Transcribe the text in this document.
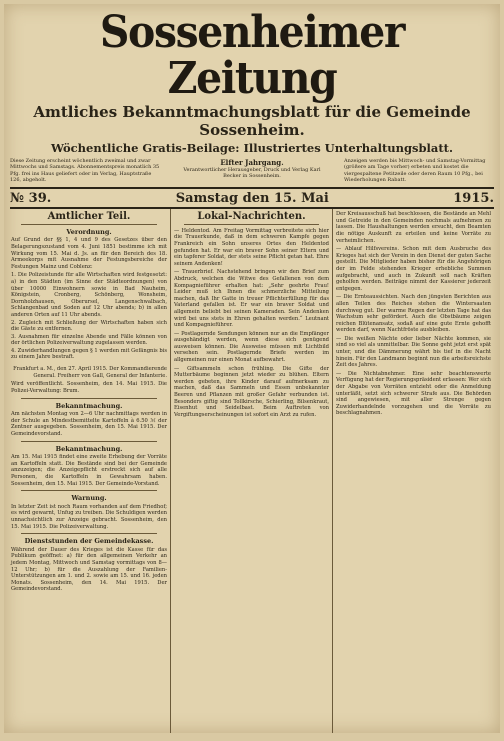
Sossenheimer Zeitung
Amtliches Bekanntmachungsblatt für die Gemeinde Sossenheim.
Wöchentliche Gratis-Beilage: Illustriertes Unterhaltungsblatt.
Diese Zeitung erscheint wöchentlich zweimal und zwar Mittwochs und Samstags. Abonnementspreis monatlich 35 Pfg. frei ins Haus geliefert oder im Verlag, Hauptstraße 126, abgeholt.
Elfter Jahrgang.
Verantwortlicher Herausgeber, Druck und Verlag Karl Becker in Sossenheim.
Anzeigen werden bis Mittwoch- und Samstag-Vormittag (größere am Tage vorher) erbeten und kostet die viergespaltene Petitzeile oder deren Raum 10 Pfg., bei Wiederholungen Rabatt.
№ 39.	Samstag den 15. Mai	1915.
Amtlicher Teil.
Verordnung.

Auf Grund der §§ 1, 4 und 9 des Gesetzes über den Belagerungszustand vom 4. Juni 1851 bestimme ich mit Wirkung vom 15. Mai d. Js. an für den Bereich des 18. Armeekorps mit Ausnahme der Festungsbereiche der Festungen Mainz und Coblenz:

1. Die Polizeistunde für alle Wirtschaften wird festgesetzt: a) in den Städten (im Sinne der Städteordnungen) von über 10000 Einwohnern sowie in Bad Nauheim, Königstein, Cronberg, Schönberg, Wonsheim, Dornholzhausen, Oberursel, Langenschwalbach, Schlangenbad und Soden auf 12 Uhr abends; b) in allen anderen Orten auf 11 Uhr abends.
2. Zugleich mit Schließung der Wirtschaften haben sich die Gäste zu entfernen.
3. Ausnahmen für einzelne Abende und Fälle können von der örtlichen Polizeiverwaltung zugelassen werden.
4. Zuwiderhandlungen gegen § 1 werden mit Gefängnis bis zu einem Jahre bestraft.

Frankfurt a. M., den 27. April 1915. Der Kommandierende General. Freiherr von Gall, General der Infanterie.

Wird veröffentlicht. Sossenheim, den 14. Mai 1915. Die Polizei-Verwaltung: Brum.

Bekanntmachung.

Am nächsten Montag von 2—6 Uhr nachmittags werden in der Schule an Mindestbemittelte Kartoffeln à 6.50 ℳ der Zentner ausgegeben. Sossenheim, den 15. Mai 1915. Der Gemeindevorstand.

Bekanntmachung.

Am 15. Mai 1915 findet eine zweite Erhebung der Vorräte an Kartoffeln statt. Die Bestände sind bei der Gemeinde anzuzeigen; die Anzeigepflicht erstreckt sich auf alle Personen, die Kartoffeln in Gewahrsam haben. Sossenheim, den 15. Mai 1915. Der Gemeinde-Vorstand.

Warnung.

In letzter Zeit ist noch Raum vorhanden auf dem Friedhof; es wird gewarnt, Unfug zu treiben. Die Schuldigen werden unnachsichtlich zur Anzeige gebracht. Sossenheim, den 15. Mai 1915. Die Polizeiverwaltung.

Dienststunden der Gemeindekasse.

Während der Dauer des Krieges ist die Kasse für das Publikum geöffnet: a) für den allgemeinen Verkehr an jedem Montag, Mittwoch und Samstag vormittags von 8—12 Uhr; b) für die Auszahlung der Familien-Unterstützungen am 1. und 2. sowie am 15. und 16. jeden Monats. Sossenheim, den 14. Mai 1915. Der Gemeindevorstand.

Lokal-Nachrichten.

— Heldentod. Am Freitag Vormittag verbreitete sich hier die Trauerkunde, daß in dem schweren Kampfe gegen Frankreich ein Sohn unseres Ortes den Heldentod gefunden hat. Er war ein braver Sohn seiner Eltern und ein tapferer Soldat, der stets seine Pflicht getan hat. Ehre seinem Andenken!

— Trauerbrief. Nachstehend bringen wir den Brief zum Abdruck, welchen die Witwe des Gefallenen von dem Kompagnieführer erhalten hat: „Sehr geehrte Frau! Leider muß ich Ihnen die schmerzliche Mitteilung machen, daß Ihr Gatte in treuer Pflichterfüllung für das Vaterland gefallen ist. Er war ein braver Soldat und allgemein beliebt bei seinen Kameraden. Sein Andenken wird bei uns stets in Ehren gehalten werden.“ Leutnant und Kompagnieführer.

— Postlagernde Sendungen können nur an die Empfänger ausgehändigt werden, wenn diese sich genügend ausweisen können. Die Ausweise müssen mit Lichtbild versehen sein. Postlagernde Briefe werden im allgemeinen nur einen Monat aufbewahrt.

— Giftsammeln schon frühling. Die Gifte der Mutterbäume beginnen jetzt wieder zu blühen. Eltern werden gebeten, ihre Kinder darauf aufmerksam zu machen, daß das Sammeln und Essen unbekannter Beeren und Pflanzen mit großer Gefahr verbunden ist. Besonders giftig sind Tollkirsche, Schierling, Bilsenkraut, Eisenhut und Seidelbast. Beim Auftreten von Vergiftungserscheinungen ist sofort ein Arzt zu rufen.

Der Kreisausschuß hat beschlossen, die Bestände an Mehl und Getreide in den Gemeinden nochmals aufnehmen zu lassen. Die Haushaltungen werden ersucht, den Beamten die nötige Auskunft zu erteilen und keine Vorräte zu verheimlichen.

— Ablauf Hilfsvereins. Schon mit dem Ausbruche des Krieges hat sich der Verein in den Dienst der guten Sache gestellt. Die Mitglieder haben bisher für die Angehörigen der im Felde stehenden Krieger erhebliche Summen aufgebracht, und auch in Zukunft soll nach Kräften geholfen werden. Beiträge nimmt der Kassierer jederzeit entgegen.

— Die Ernteaussichten. Nach den jüngsten Berichten aus allen Teilen des Reiches stehen die Wintersaaten durchweg gut. Der warme Regen der letzten Tage hat das Wachstum sehr gefördert. Auch die Obstbäume zeigen reichen Blütenansatz, sodaß auf eine gute Ernte gehofft werden darf, wenn Nachtfröste ausbleiben.

— Die weißen Nächte oder lieber Nächte kommen, sie sind so viel als unmittelbar. Die Sonne geht jetzt erst spät unter, und die Dämmerung währt bis tief in die Nacht hinein. Für den Landmann beginnt nun die arbeitsreichste Zeit des Jahres.

— Die Nichtabnehmer. Eine sehr beachtenswerte Verfügung hat der Regierungspräsident erlassen: Wer sich der Abgabe von Vorräten entzieht oder die Anmeldung unterläßt, setzt sich schwerer Strafe aus. Die Behörden sind angewiesen, mit aller Strenge gegen Zuwiderhandelnde vorzugehen und die Vorräte zu beschlagnahmen.
